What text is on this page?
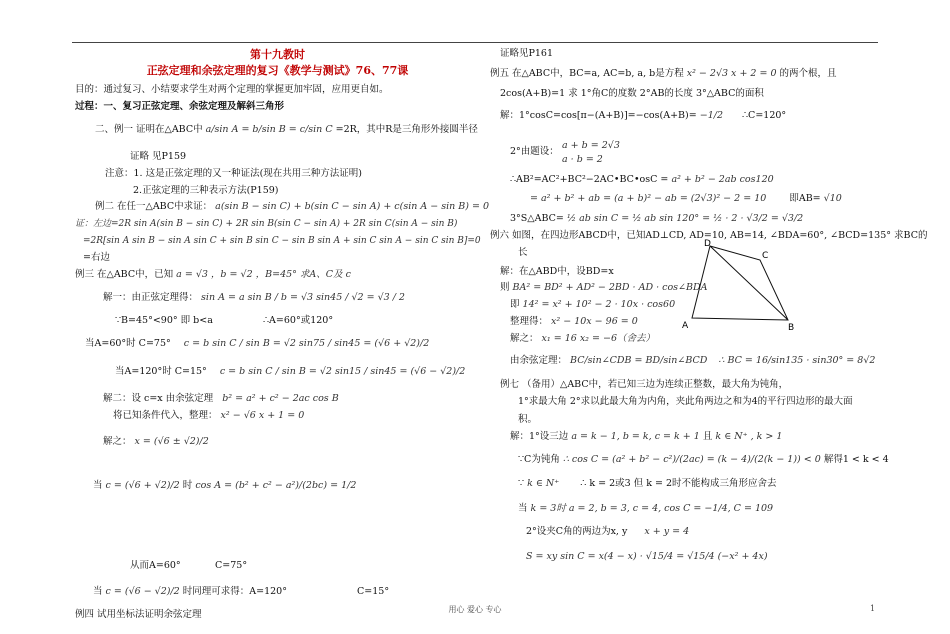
第十九教时
正弦定理和余弦定理的复习《教学与测试》76、77课
目的：通过复习、小结要求学生对两个定理的掌握更加牢固，应用更自如。
过程：一、复习正弦定理、余弦定理及解斜三角形
二、例一 证明在△ABC中 a/sin A = b/sin B = c/sin C =2R，其中R是三角形外接圆半径
证略 见P159
注意：1. 这是正弦定理的又一种证法(现在共用三种方法证明)
2.正弦定理的三种表示方法(P159)
例二 在任一△ABC中求证： a(sin B − sin C) + b(sin C − sin A) + c(sin A − sin B) = 0
证：左边=2R sin A(sin B − sin C) + 2R sin B(sin C − sin A) + 2R sin C(sin A − sin B)
=2R[sin A sin B − sin A sin C + sin B sin C − sin B sin A + sin C sin A − sin C sin B]=0
=右边
例三 在△ABC中，已知 a = √3 ，b = √2 ，B=45° 求A、C及 c
解一：由正弦定理得： sin A = a sin B / b = √3 sin45 / √2 = √3 / 2
∵B=45°<90° 即 b<a	∴A=60°或120°
当A=60°时 C=75° c = b sin C / sin B = √2 sin75 / sin45 = (√6 + √2)/2
当A=120°时 C=15° c = b sin C / sin B = √2 sin15 / sin45 = (√6 − √2)/2
解二：设 c=x 由余弦定理 b² = a² + c² − 2ac cos B
将已知条件代入，整理： x² − √6 x + 1 = 0
解之： x = (√6 ± √2)/2
当 c = (√6 + √2)/2 时 cos A = (b² + c² − a²)/(2bc) = 1/2
从而A=60°	C=75°
当 c = (√6 − √2)/2 时同理可求得：A=120°	C=15°
例四 试用坐标法证明余弦定理
证略见P161
例五 在△ABC中，BC=a, AC=b, a, b是方程 x² − 2√3 x + 2 = 0 的两个根，且
2cos(A+B)=1 求 1°角C的度数 2°AB的长度 3°△ABC的面积
解：1°cosC=cos[π−(A+B)]=−cos(A+B)= −1/2 ∴C=120°
2°由题设：
a + b = 2√3
a · b = 2
∴AB²=AC²+BC²−2AC•BC•osC = a² + b² − 2ab cos120
= a² + b² + ab = (a + b)² − ab = (2√3)² − 2 = 10 即AB= √10
3°S△ABC= ½ ab sin C = ½ ab sin 120° = ½ · 2 · √3/2 = √3/2
例六 如图，在四边形ABCD中，已知AD⊥CD, AD=10, AB=14, ∠BDA=60°, ∠BCD=135° 求BC的
长
解：在△ABD中，设BD=x
则 BA² = BD² + AD² − 2BD · AD · cos∠BDA
即 14² = x² + 10² − 2 · 10x · cos60
整理得： x² − 10x − 96 = 0
解之： x₁ = 16 x₂ = −6（舍去）
由余弦定理： BC/sin∠CDB = BD/sin∠BCD ∴ BC = 16/sin135 · sin30° = 8√2
例七 （备用）△ABC中，若已知三边为连续正整数，最大角为钝角，
1°求最大角 2°求以此最大角为内角，夹此角两边之和为4的平行四边形的最大面
积。
解：1°设三边 a = k − 1, b = k, c = k + 1 且 k ∈ N⁺ , k > 1
∵C为钝角 ∴ cos C = (a² + b² − c²)/(2ac) = (k − 4)/(2(k − 1)) < 0 解得1 < k < 4
∵ k ∈ N⁺ ∴ k = 2或3 但 k = 2时不能构成三角形应舍去
当 k = 3时 a = 2, b = 3, c = 4, cos C = −1/4, C = 109
2°设夹C角的两边为x, y x + y = 4
S = xy sin C = x(4 − x) · √15/4 = √15/4 (−x² + 4x)
D
C
A	B
用心 爱心 专心	1
